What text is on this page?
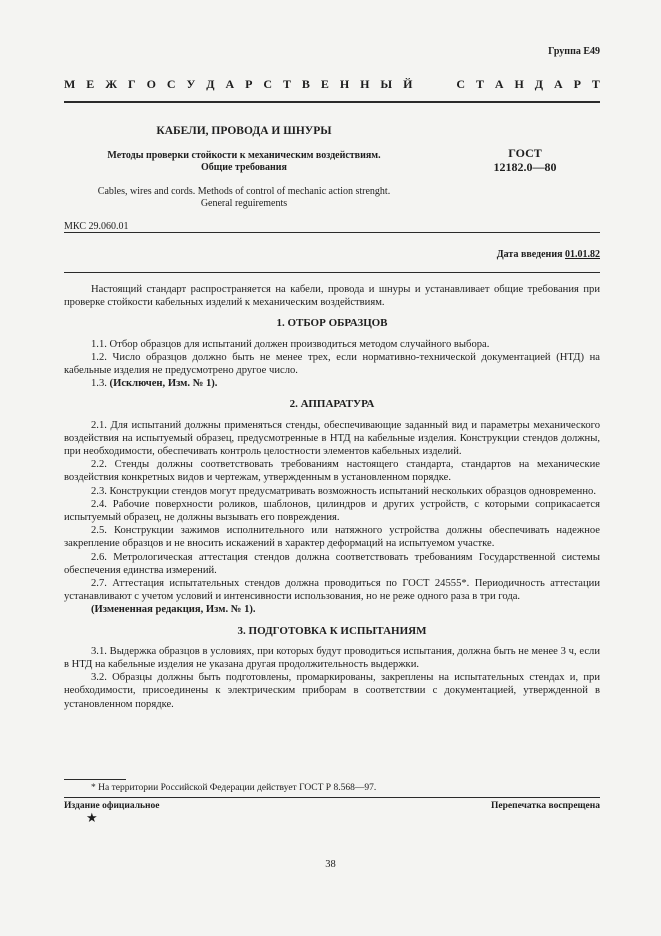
Группа Е49
М Е Ж Г О С У Д А Р С Т В Е Н Н Ы Й	С Т А Н Д А Р Т
КАБЕЛИ, ПРОВОДА И ШНУРЫ
Методы проверки стойкости к механическим воздействиям.
Общие требования
Cables, wires and cords. Methods of control of mechanic action strenght.
General reguirements
ГОСТ
12182.0—80
МКС 29.060.01
Дата введения 01.01.82

Настоящий стандарт распространяется на кабели, провода и шнуры и устанавливает общие требования при проверке стойкости кабельных изделий к механическим воздействиям.

1. ОТБОР ОБРАЗЦОВ

1.1. Отбор образцов для испытаний должен производиться методом случайного выбора.

1.2. Число образцов должно быть не менее трех, если нормативно-технической документацией (НТД) на кабельные изделия не предусмотрено другое число.

1.3. (Исключен, Изм. № 1).

2. АППАРАТУРА

2.1. Для испытаний должны применяться стенды, обеспечивающие заданный вид и параметры механического воздействия на испытуемый образец, предусмотренные в НТД на кабельные изделия. Конструкции стендов должны, при необходимости, обеспечивать контроль целостности элементов кабельных изделий.

2.2. Стенды должны соответствовать требованиям настоящего стандарта, стандартов на механические воздействия конкретных видов и чертежам, утвержденным в установленном порядке.

2.3. Конструкции стендов могут предусматривать возможность испытаний нескольких образцов одновременно.

2.4. Рабочие поверхности роликов, шаблонов, цилиндров и других устройств, с которыми соприкасается испытуемый образец, не должны вызывать его повреждения.

2.5. Конструкции зажимов исполнительного или натяжного устройства должны обеспечивать надежное закрепление образцов и не вносить искажений в характер деформаций на испытуемом участке.

2.6. Метрологическая аттестация стендов должна соответствовать требованиям Государственной системы обеспечения единства измерений.

2.7. Аттестация испытательных стендов должна проводиться по ГОСТ 24555*. Периодичность аттестации устанавливают с учетом условий и интенсивности использования, но не реже одного раза в три года.

(Измененная редакция, Изм. № 1).

3. ПОДГОТОВКА К ИСПЫТАНИЯМ

3.1. Выдержка образцов в условиях, при которых будут проводиться испытания, должна быть не менее 3 ч, если в НТД на кабельные изделия не указана другая продолжительность выдержки.

3.2. Образцы должны быть подготовлены, промаркированы, закреплены на испытательных стендах и, при необходимости, присоединены к электрическим приборам в соответствии с документацией, утвержденной в установленном порядке.

* На территории Российской Федерации действует ГОСТ Р 8.568—97.
Издание официальное	Перепечатка воспрещена
★
38
